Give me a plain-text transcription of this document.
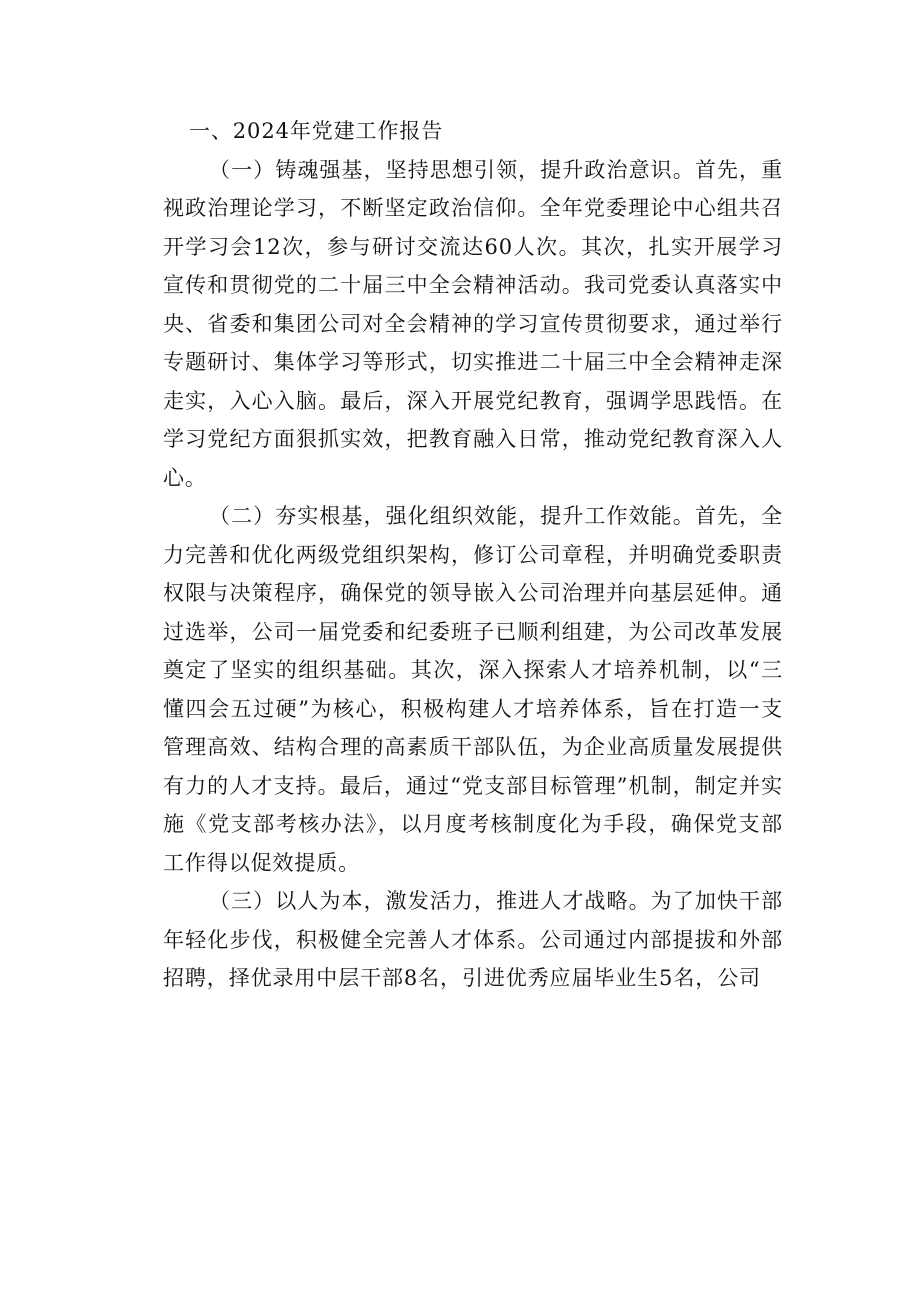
一、2024年党建工作报告

（一）铸魂强基，坚持思想引领，提升政治意识。首先，重视政治理论学习，不断坚定政治信仰。全年党委理论中心组共召开学习会12次，参与研讨交流达60人次。其次，扎实开展学习宣传和贯彻党的二十届三中全会精神活动。我司党委认真落实中央、省委和集团公司对全会精神的学习宣传贯彻要求，通过举行专题研讨、集体学习等形式，切实推进二十届三中全会精神走深走实，入心入脑。最后，深入开展党纪教育，强调学思践悟。在学习党纪方面狠抓实效，把教育融入日常，推动党纪教育深入人心。

（二）夯实根基，强化组织效能，提升工作效能。首先，全力完善和优化两级党组织架构，修订公司章程，并明确党委职责权限与决策程序，确保党的领导嵌入公司治理并向基层延伸。通过选举，公司一届党委和纪委班子已顺利组建，为公司改革发展奠定了坚实的组织基础。其次，深入探索人才培养机制，以“三懂四会五过硬”为核心，积极构建人才培养体系，旨在打造一支管理高效、结构合理的高素质干部队伍，为企业高质量发展提供有力的人才支持。最后，通过“党支部目标管理”机制，制定并实施《党支部考核办法》，以月度考核制度化为手段，确保党支部工作得以促效提质。

（三）以人为本，激发活力，推进人才战略。为了加快干部年轻化步伐，积极健全完善人才体系。公司通过内部提拔和外部招聘，择优录用中层干部8名，引进优秀应届毕业生5名，公司
